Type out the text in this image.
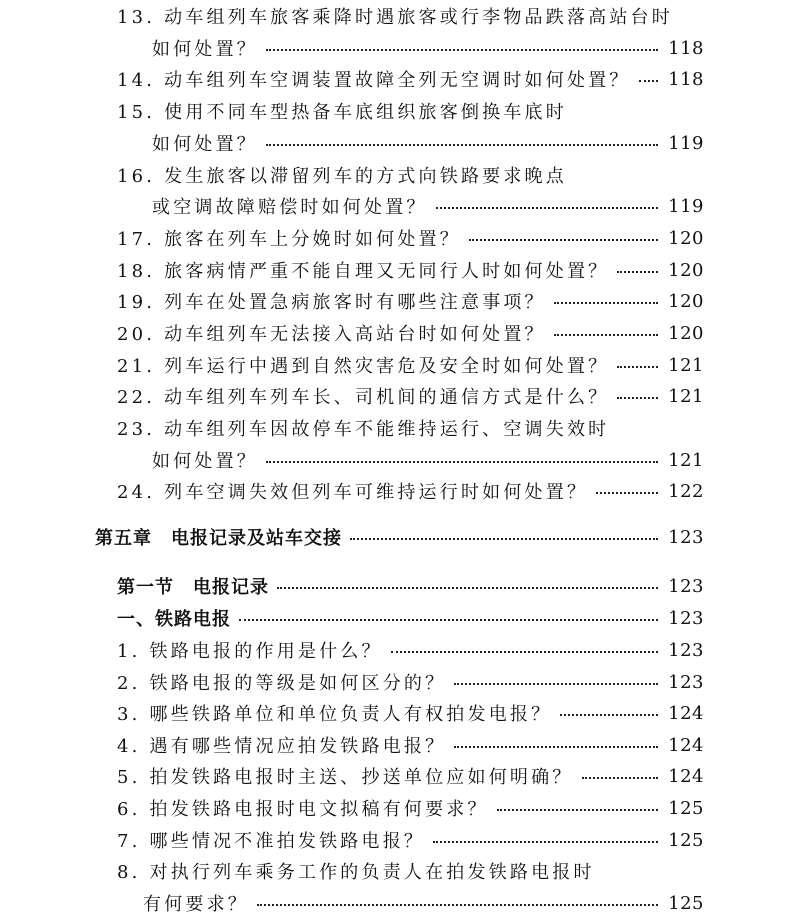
13. 动车组列车旅客乘降时遇旅客或行李物品跌落高站台时
如何处置？	118
14. 动车组列车空调装置故障全列无空调时如何处置？ 118
15. 使用不同车型热备车底组织旅客倒换车底时
如何处置？	119
16. 发生旅客以滞留列车的方式向铁路要求晚点
或空调故障赔偿时如何处置？	119
17. 旅客在列车上分娩时如何处置？	120
18. 旅客病情严重不能自理又无同行人时如何处置？	120
19. 列车在处置急病旅客时有哪些注意事项？	120
20. 动车组列车无法接入高站台时如何处置？	120
21. 列车运行中遇到自然灾害危及安全时如何处置？	121
22. 动车组列车列车长、司机间的通信方式是什么？	121
23. 动车组列车因故停车不能维持运行、空调失效时
如何处置？	121
24. 列车空调失效但列车可维持运行时如何处置？	122
第五章　电报记录及站车交接	123
第一节　电报记录	123
一、铁路电报	123
1. 铁路电报的作用是什么？	123
2. 铁路电报的等级是如何区分的？	123
3. 哪些铁路单位和单位负责人有权拍发电报？	124
4. 遇有哪些情况应拍发铁路电报？	124
5. 拍发铁路电报时主送、抄送单位应如何明确？	124
6. 拍发铁路电报时电文拟稿有何要求？	125
7. 哪些情况不准拍发铁路电报？	125
8. 对执行列车乘务工作的负责人在拍发铁路电报时
有何要求？	125
